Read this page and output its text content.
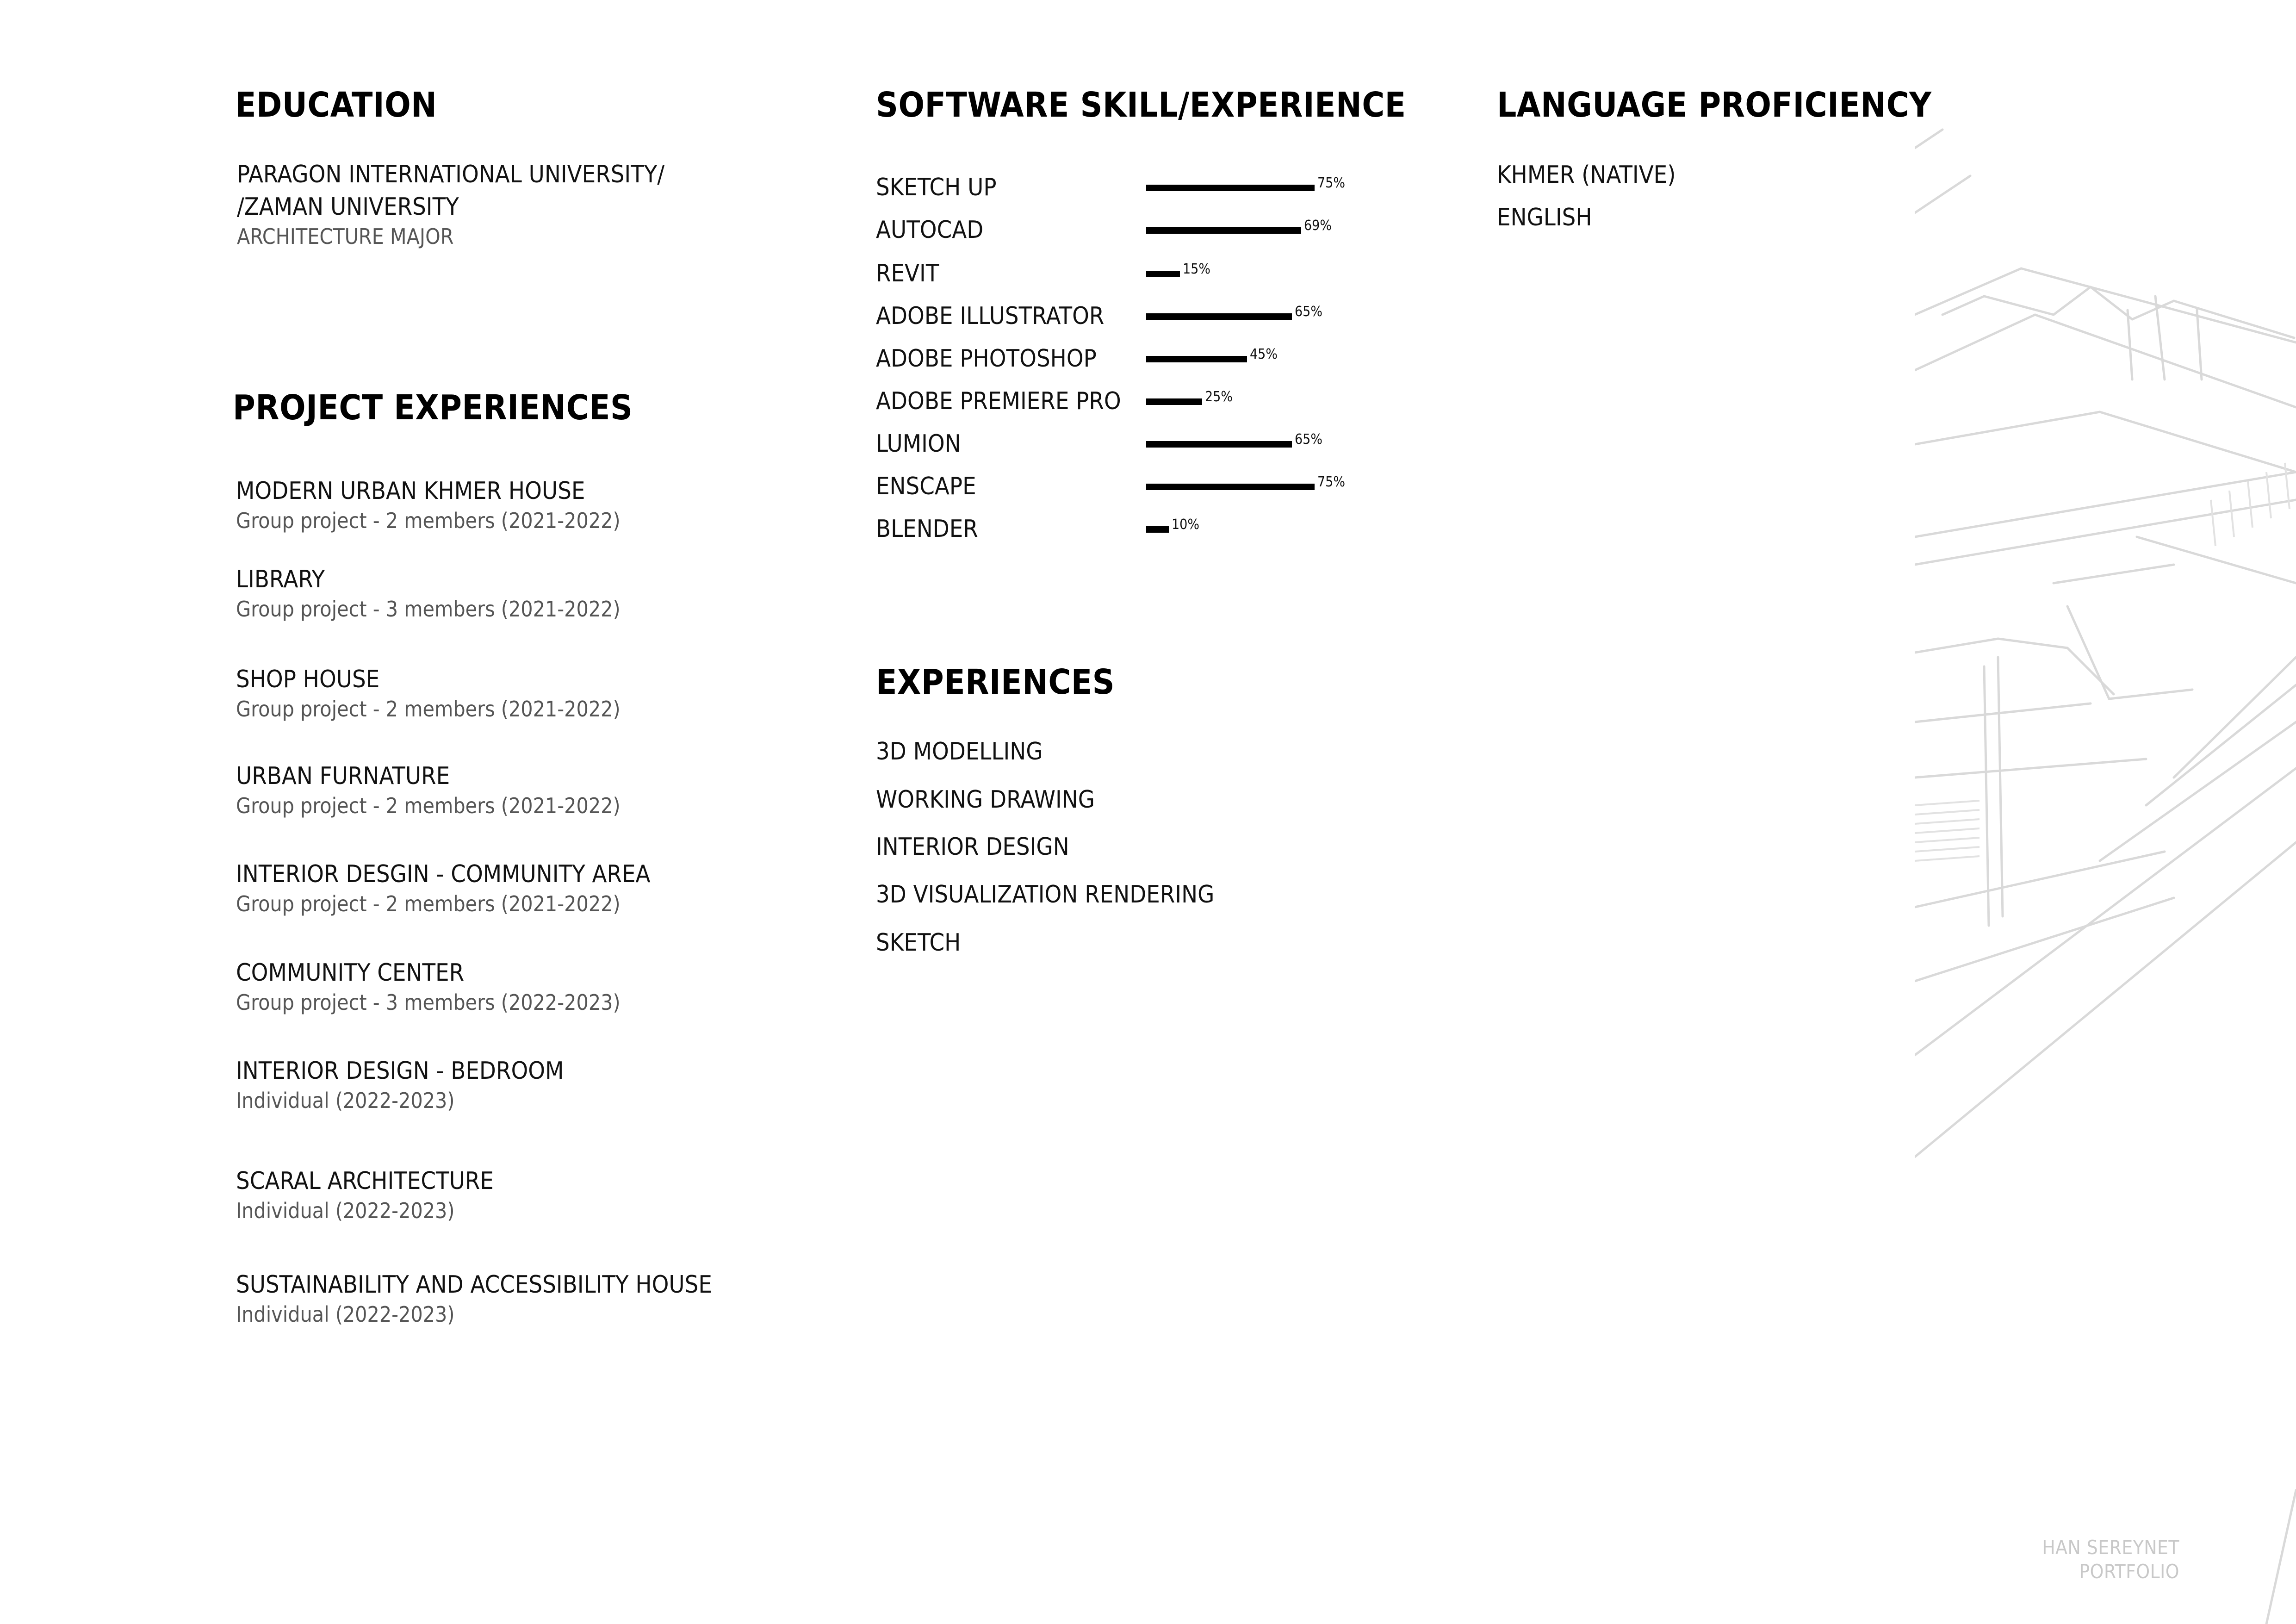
EDUCATION
PARAGON INTERNATIONAL UNIVERSITY/
/ZAMAN UNIVERSITY
ARCHITECTURE MAJOR
PROJECT EXPERIENCES
MODERN URBAN KHMER HOUSE
Group project - 2 members (2021-2022)
LIBRARY
Group project - 3 members (2021-2022)
SHOP HOUSE
Group project - 2 members (2021-2022)
URBAN FURNATURE
Group project - 2 members (2021-2022)
INTERIOR DESGIN - COMMUNITY AREA
Group project - 2 members (2021-2022)
COMMUNITY CENTER
Group project - 3 members (2022-2023)
INTERIOR DESIGN - BEDROOM
Individual (2022-2023)
SCARAL ARCHITECTURE
Individual (2022-2023)
SUSTAINABILITY AND ACCESSIBILITY HOUSE
Individual (2022-2023)
SOFTWARE SKILL/EXPERIENCE
SKETCH UP	75%
AUTOCAD	69%
REVIT	15%
ADOBE ILLUSTRATOR	65%
ADOBE PHOTOSHOP	45%
ADOBE PREMIERE PRO	25%
LUMION	65%
ENSCAPE	75%
BLENDER	10%
EXPERIENCES
3D MODELLING
WORKING DRAWING
INTERIOR DESIGN
3D VISUALIZATION RENDERING
SKETCH
LANGUAGE PROFICIENCY
KHMER (NATIVE)
ENGLISH
HAN SEREYNET
PORTFOLIO
